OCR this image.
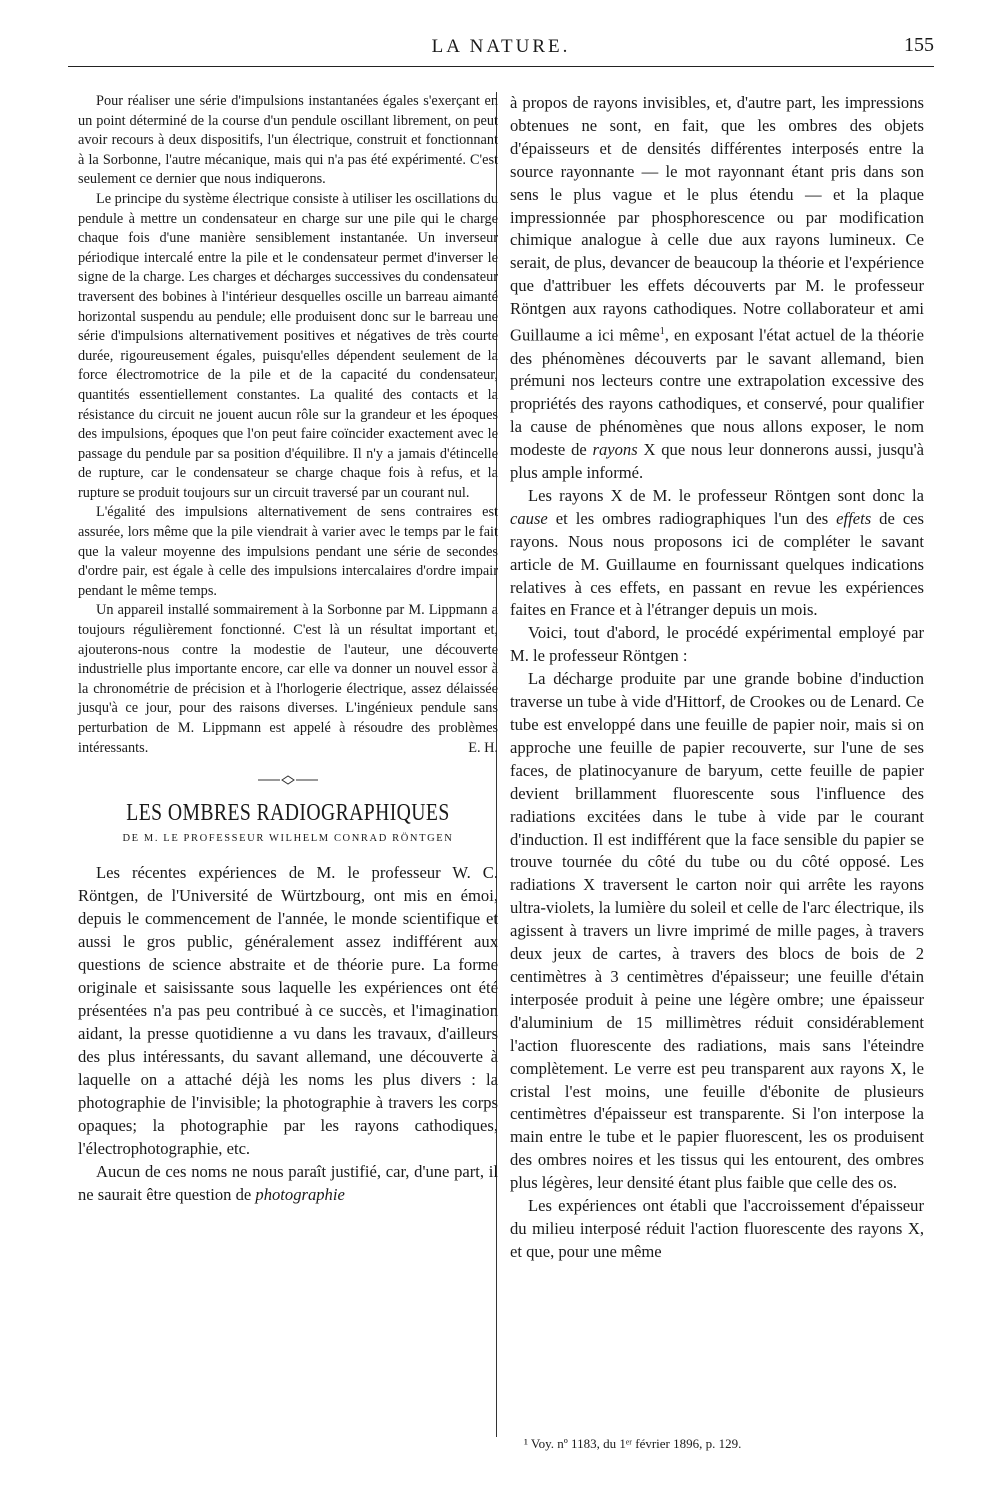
LA NATURE.	155

Pour réaliser une série d'impulsions instantanées égales s'exerçant en un point déterminé de la course d'un pendule oscillant librement, on peut avoir recours à deux dispositifs, l'un électrique, construit et fonctionnant à la Sorbonne, l'autre mécanique, mais qui n'a pas été expérimenté. C'est seulement ce dernier que nous indiquerons.

Le principe du système électrique consiste à utiliser les oscillations du pendule à mettre un condensateur en charge sur une pile qui le charge chaque fois d'une manière sensiblement instantanée. Un inverseur périodique intercalé entre la pile et le condensateur permet d'inverser le signe de la charge. Les charges et décharges successives du condensateur traversent des bobines à l'intérieur desquelles oscille un barreau aimanté horizontal suspendu au pendule; elle produisent donc sur le barreau une série d'impulsions alternativement positives et négatives de très courte durée, rigoureusement égales, puisqu'elles dépendent seulement de la force électromotrice de la pile et de la capacité du condensateur, quantités essentiellement constantes. La qualité des contacts et la résistance du circuit ne jouent aucun rôle sur la grandeur et les époques des impulsions, époques que l'on peut faire coïncider exactement avec le passage du pendule par sa position d'équilibre. Il n'y a jamais d'étincelle de rupture, car le condensateur se charge chaque fois à refus, et la rupture se produit toujours sur un circuit traversé par un courant nul.

L'égalité des impulsions alternativement de sens contraires est assurée, lors même que la pile viendrait à varier avec le temps par le fait que la valeur moyenne des impulsions pendant une série de secondes d'ordre pair, est égale à celle des impulsions intercalaires d'ordre impair pendant le même temps.

Un appareil installé sommairement à la Sorbonne par M. Lippmann a toujours régulièrement fonctionné. C'est là un résultat important et, ajouterons-nous contre la modestie de l'auteur, une découverte industrielle plus importante encore, car elle va donner un nouvel essor à la chronométrie de précision et à l'horlogerie électrique, assez délaissée jusqu'à ce jour, pour des raisons diverses. L'ingénieux pendule sans perturbation de M. Lippmann est appelé à résoudre des problèmes intéressants.	E. H.

LES OMBRES RADIOGRAPHIQUES
DE M. LE PROFESSEUR WILHELM CONRAD RÖNTGEN

Les récentes expériences de M. le professeur W. C. Röntgen, de l'Université de Würtzbourg, ont mis en émoi, depuis le commencement de l'année, le monde scientifique et aussi le gros public, généralement assez indifférent aux questions de science abstraite et de théorie pure. La forme originale et saisissante sous laquelle les expériences ont été présentées n'a pas peu contribué à ce succès, et l'imagination aidant, la presse quotidienne a vu dans les travaux, d'ailleurs des plus intéressants, du savant allemand, une découverte à laquelle on a attaché déjà les noms les plus divers : la photographie de l'invisible; la photographie à travers les corps opaques; la photographie par les rayons cathodiques, l'électrophotographie, etc.

Aucun de ces noms ne nous paraît justifié, car, d'une part, il ne saurait être question de photographie

à propos de rayons invisibles, et, d'autre part, les impressions obtenues ne sont, en fait, que les ombres des objets d'épaisseurs et de densités différentes interposés entre la source rayonnante — le mot rayonnant étant pris dans son sens le plus vague et le plus étendu — et la plaque impressionnée par phosphorescence ou par modification chimique analogue à celle due aux rayons lumineux. Ce serait, de plus, devancer de beaucoup la théorie et l'expérience que d'attribuer les effets découverts par M. le professeur Röntgen aux rayons cathodiques. Notre collaborateur et ami Guillaume a ici même$^1$, en exposant l'état actuel de la théorie des phénomènes découverts par le savant allemand, bien prémuni nos lecteurs contre une extrapolation excessive des propriétés des rayons cathodiques, et conservé, pour qualifier la cause de phénomènes que nous allons exposer, le nom modeste de rayons X que nous leur donnerons aussi, jusqu'à plus ample informé.

Les rayons X de M. le professeur Röntgen sont donc la cause et les ombres radiographiques l'un des effets de ces rayons. Nous nous proposons ici de compléter le savant article de M. Guillaume en fournissant quelques indications relatives à ces effets, en passant en revue les expériences faites en France et à l'étranger depuis un mois.

Voici, tout d'abord, le procédé expérimental employé par M. le professeur Röntgen :

La décharge produite par une grande bobine d'induction traverse un tube à vide d'Hittorf, de Crookes ou de Lenard. Ce tube est enveloppé dans une feuille de papier noir, mais si on approche une feuille de papier recouverte, sur l'une de ses faces, de platinocyanure de baryum, cette feuille de papier devient brillamment fluorescente sous l'influence des radiations excitées dans le tube à vide par le courant d'induction. Il est indifférent que la face sensible du papier se trouve tournée du côté du tube ou du côté opposé. Les radiations X traversent le carton noir qui arrête les rayons ultra-violets, la lumière du soleil et celle de l'arc électrique, ils agissent à travers un livre imprimé de mille pages, à travers deux jeux de cartes, à travers des blocs de bois de 2 centimètres à 3 centimètres d'épaisseur; une feuille d'étain interposée produit à peine une légère ombre; une épaisseur d'aluminium de 15 millimètres réduit considérablement l'action fluorescente des radiations, mais sans l'éteindre complètement. Le verre est peu transparent aux rayons X, le cristal l'est moins, une feuille d'ébonite de plusieurs centimètres d'épaisseur est transparente. Si l'on interpose la main entre le tube et le papier fluorescent, les os produisent des ombres noires et les tissus qui les entourent, des ombres plus légères, leur densité étant plus faible que celle des os.

Les expériences ont établi que l'accroissement d'épaisseur du milieu interposé réduit l'action fluorescente des rayons X, et que, pour une même

¹ Voy. nº 1183, du 1ᵉʳ février 1896, p. 129.
